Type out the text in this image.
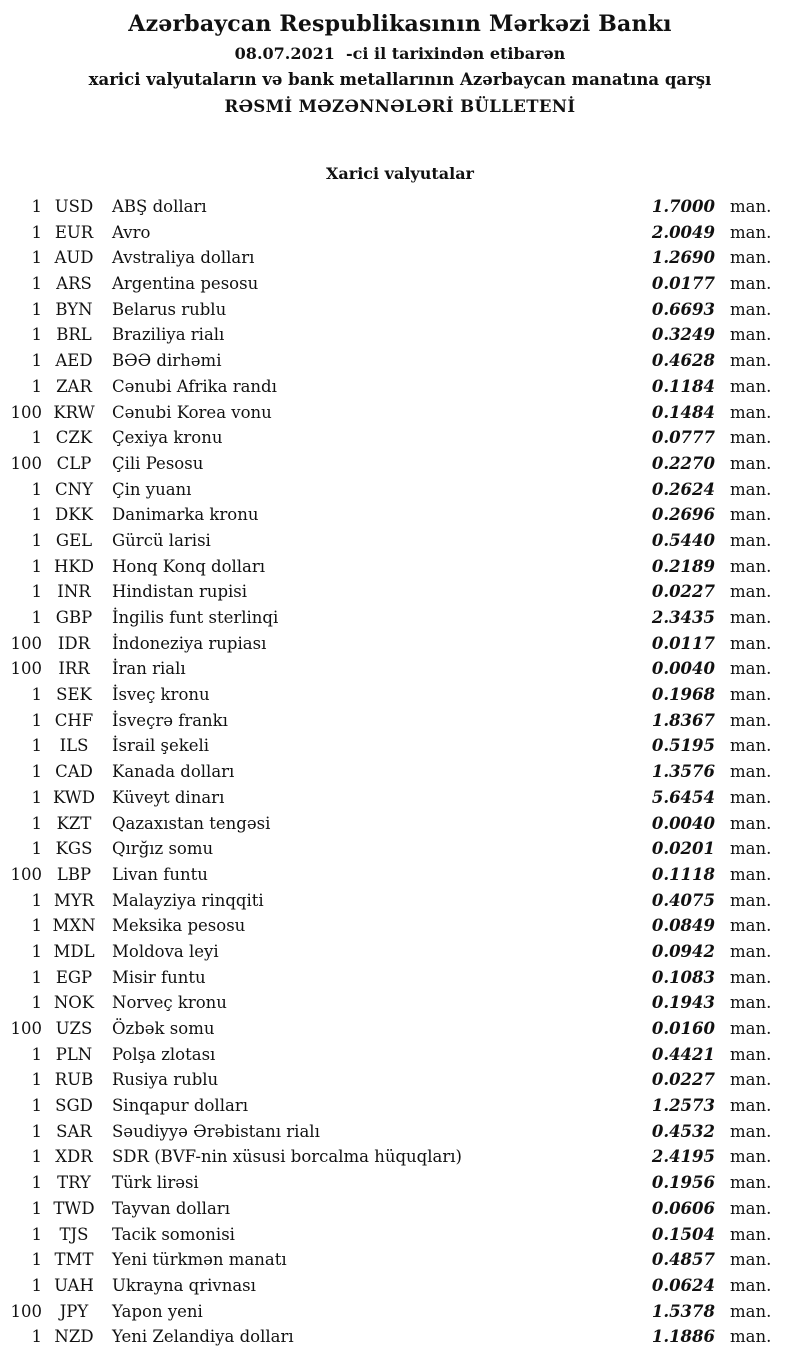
Azərbaycan Respublikasının Mərkəzi Bankı
08.07.2021  -ci il tarixindən etibarən
xarici valyutaların və bank metallarının Azərbaycan manatına qarşı
RƏSMİ MƏZƏNNƏLƏRİ BÜLLETENİ
Xarici valyutalar
1 USD	ABŞ dolları	1.7000 man.
1 EUR	Avro	2.0049 man.
1 AUD	Avstraliya dolları	1.2690 man.
1 ARS	Argentina pesosu	0.0177 man.
1 BYN	Belarus rublu	0.6693 man.
1 BRL	Braziliya rialı	0.3249 man.
1 AED	BƏƏ dirhəmi	0.4628 man.
1 ZAR	Cənubi Afrika randı	0.1184 man.
100 KRW	Cənubi Korea vonu	0.1484 man.
1 CZK	Çexiya kronu	0.0777 man.
100 CLP	Çili Pesosu	0.2270 man.
1 CNY	Çin yuanı	0.2624 man.
1 DKK	Danimarka kronu	0.2696 man.
1 GEL	Gürcü larisi	0.5440 man.
1 HKD	Honq Konq dolları	0.2189 man.
1 INR	Hindistan rupisi	0.0227 man.
1 GBP	İngilis funt sterlinqi	2.3435 man.
100 IDR	İndoneziya rupiası	0.0117 man.
100 IRR	İran rialı	0.0040 man.
1 SEK	İsveç kronu	0.1968 man.
1 CHF	İsveçrə frankı	1.8367 man.
1	ILS	İsrail şekeli	0.5195 man.
1 CAD	Kanada dolları	1.3576 man.
1 KWD	Küveyt dinarı	5.6454 man.
1 KZT	Qazaxıstan tengəsi	0.0040 man.
1 KGS	Qırğız somu	0.0201 man.
100 LBP	Livan funtu	0.1118 man.
1 MYR	Malayziya rinqqiti	0.4075 man.
1 MXN Meksika pesosu	0.0849 man.
1 MDL	Moldova leyi	0.0942 man.
1 EGP	Misir funtu	0.1083 man.
1 NOK	Norveç kronu	0.1943 man.
100 UZS	Özbək somu	0.0160 man.
1 PLN	Polşa zlotası	0.4421 man.
1 RUB	Rusiya rublu	0.0227 man.
1 SGD	Sinqapur dolları	1.2573 man.
1 SAR	Səudiyyə Ərəbistanı rialı	0.4532 man.
1 XDR	SDR (BVF-nin xüsusi borcalma hüquqları)	2.4195 man.
1 TRY	Türk lirəsi	0.1956 man.
1 TWD	Tayvan dolları	0.0606 man.
1	TJS	Tacik somonisi	0.1504 man.
1 TMT	Yeni türkmən manatı	0.4857 man.
1 UAH	Ukrayna qrivnası	0.0624 man.
100	JPY	Yapon yeni	1.5378 man.
1 NZD	Yeni Zelandiya dolları	1.1886 man.
